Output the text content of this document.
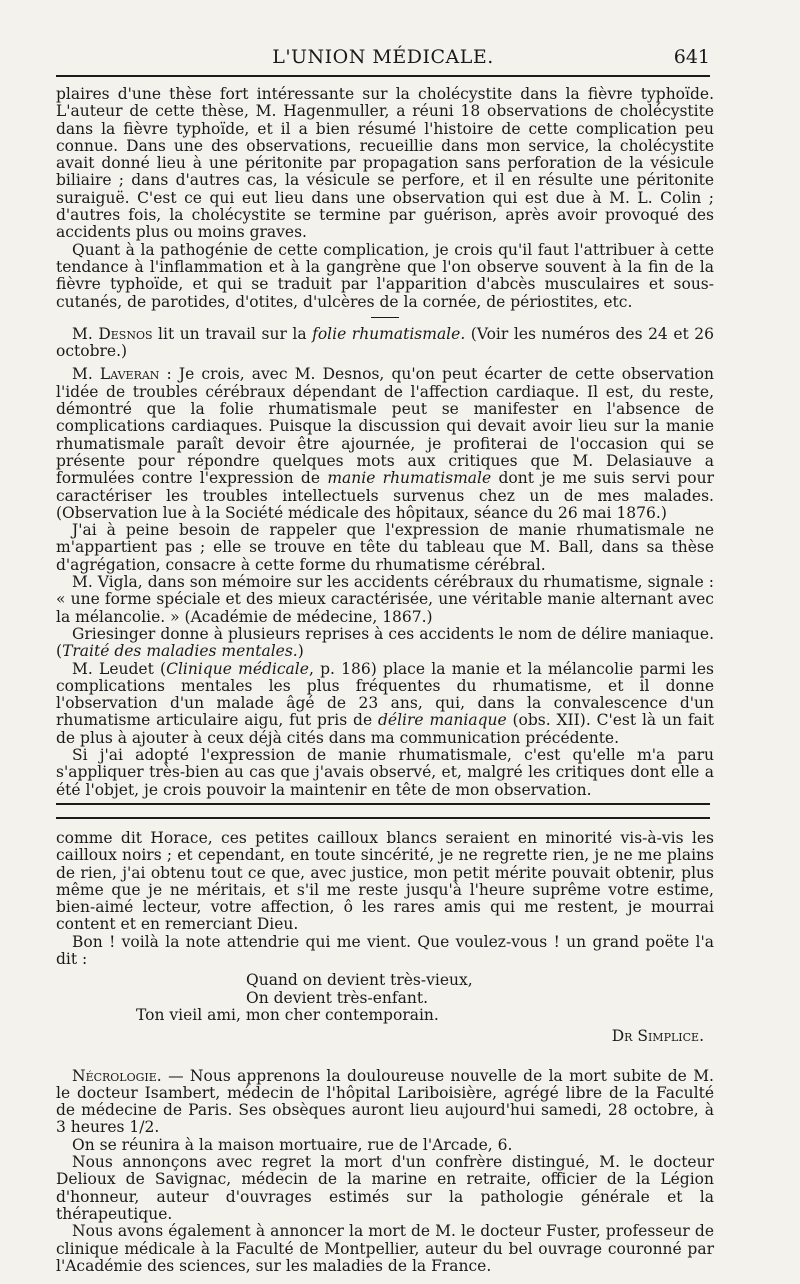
L'UNION MÉDICALE.	641

plaires d'une thèse fort intéressante sur la cholécystite dans la fièvre typhoïde. L'auteur de cette thèse, M. Hagenmuller, a réuni 18 observations de cholécystite dans la fièvre typhoïde, et il a bien résumé l'histoire de cette complication peu connue. Dans une des observations, recueillie dans mon service, la cholécystite avait donné lieu à une péritonite par propagation sans perforation de la vésicule biliaire ; dans d'autres cas, la vésicule se perfore, et il en résulte une péritonite suraiguë. C'est ce qui eut lieu dans une observation qui est due à M. L. Colin ; d'autres fois, la cholécystite se termine par guérison, après avoir provoqué des accidents plus ou moins graves.

Quant à la pathogénie de cette complication, je crois qu'il faut l'attribuer à cette tendance à l'inflammation et à la gangrène que l'on observe souvent à la fin de la fièvre typhoïde, et qui se traduit par l'apparition d'abcès musculaires et sous-cutanés, de parotides, d'otites, d'ulcères de la cornée, de périostites, etc.

M. Desnos lit un travail sur la folie rhumatismale. (Voir les numéros des 24 et 26 octobre.)

M. Laveran : Je crois, avec M. Desnos, qu'on peut écarter de cette observation l'idée de troubles cérébraux dépendant de l'affection cardiaque. Il est, du reste, démontré que la folie rhumatismale peut se manifester en l'absence de complications cardiaques. Puisque la discussion qui devait avoir lieu sur la manie rhumatismale paraît devoir être ajournée, je profiterai de l'occasion qui se présente pour répondre quelques mots aux critiques que M. Delasiauve a formulées contre l'expression de manie rhumatismale dont je me suis servi pour caractériser les troubles intellectuels survenus chez un de mes malades. (Observation lue à la Société médicale des hôpitaux, séance du 26 mai 1876.)

J'ai à peine besoin de rappeler que l'expression de manie rhumatismale ne m'appartient pas ; elle se trouve en tête du tableau que M. Ball, dans sa thèse d'agrégation, consacre à cette forme du rhumatisme cérébral.

M. Vigla, dans son mémoire sur les accidents cérébraux du rhumatisme, signale : « une forme spéciale et des mieux caractérisée, une véritable manie alternant avec la mélancolie. » (Académie de médecine, 1867.)

Griesinger donne à plusieurs reprises à ces accidents le nom de délire maniaque. (Traité des maladies mentales.)

M. Leudet (Clinique médicale, p. 186) place la manie et la mélancolie parmi les complications mentales les plus fréquentes du rhumatisme, et il donne l'observation d'un malade âgé de 23 ans, qui, dans la convalescence d'un rhumatisme articulaire aigu, fut pris de délire maniaque (obs. XII). C'est là un fait de plus à ajouter à ceux déjà cités dans ma communication précédente.

Si j'ai adopté l'expression de manie rhumatismale, c'est qu'elle m'a paru s'appliquer très-bien au cas que j'avais observé, et, malgré les critiques dont elle a été l'objet, je crois pouvoir la maintenir en tête de mon observation.

comme dit Horace, ces petites cailloux blancs seraient en minorité vis-à-vis les cailloux noirs ; et cependant, en toute sincérité, je ne regrette rien, je ne me plains de rien, j'ai obtenu tout ce que, avec justice, mon petit mérite pouvait obtenir, plus même que je ne méritais, et s'il me reste jusqu'à l'heure suprême votre estime, bien-aimé lecteur, votre affection, ô les rares amis qui me restent, je mourrai content et en remerciant Dieu.

Bon ! voilà la note attendrie qui me vient. Que voulez-vous ! un grand poëte l'a dit :

Quand on devient très-vieux,
On devient très-enfant.
Ton vieil ami, mon cher contemporain.
Dr Simplice.

Nécrologie. — Nous apprenons la douloureuse nouvelle de la mort subite de M. le docteur Isambert, médecin de l'hôpital Lariboisière, agrégé libre de la Faculté de médecine de Paris. Ses obsèques auront lieu aujourd'hui samedi, 28 octobre, à 3 heures 1/2.

On se réunira à la maison mortuaire, rue de l'Arcade, 6.

Nous annonçons avec regret la mort d'un confrère distingué, M. le docteur Delioux de Savignac, médecin de la marine en retraite, officier de la Légion d'honneur, auteur d'ouvrages estimés sur la pathologie générale et la thérapeutique.

Nous avons également à annoncer la mort de M. le docteur Fuster, professeur de clinique médicale à la Faculté de Montpellier, auteur du bel ouvrage couronné par l'Académie des sciences, sur les maladies de la France.
